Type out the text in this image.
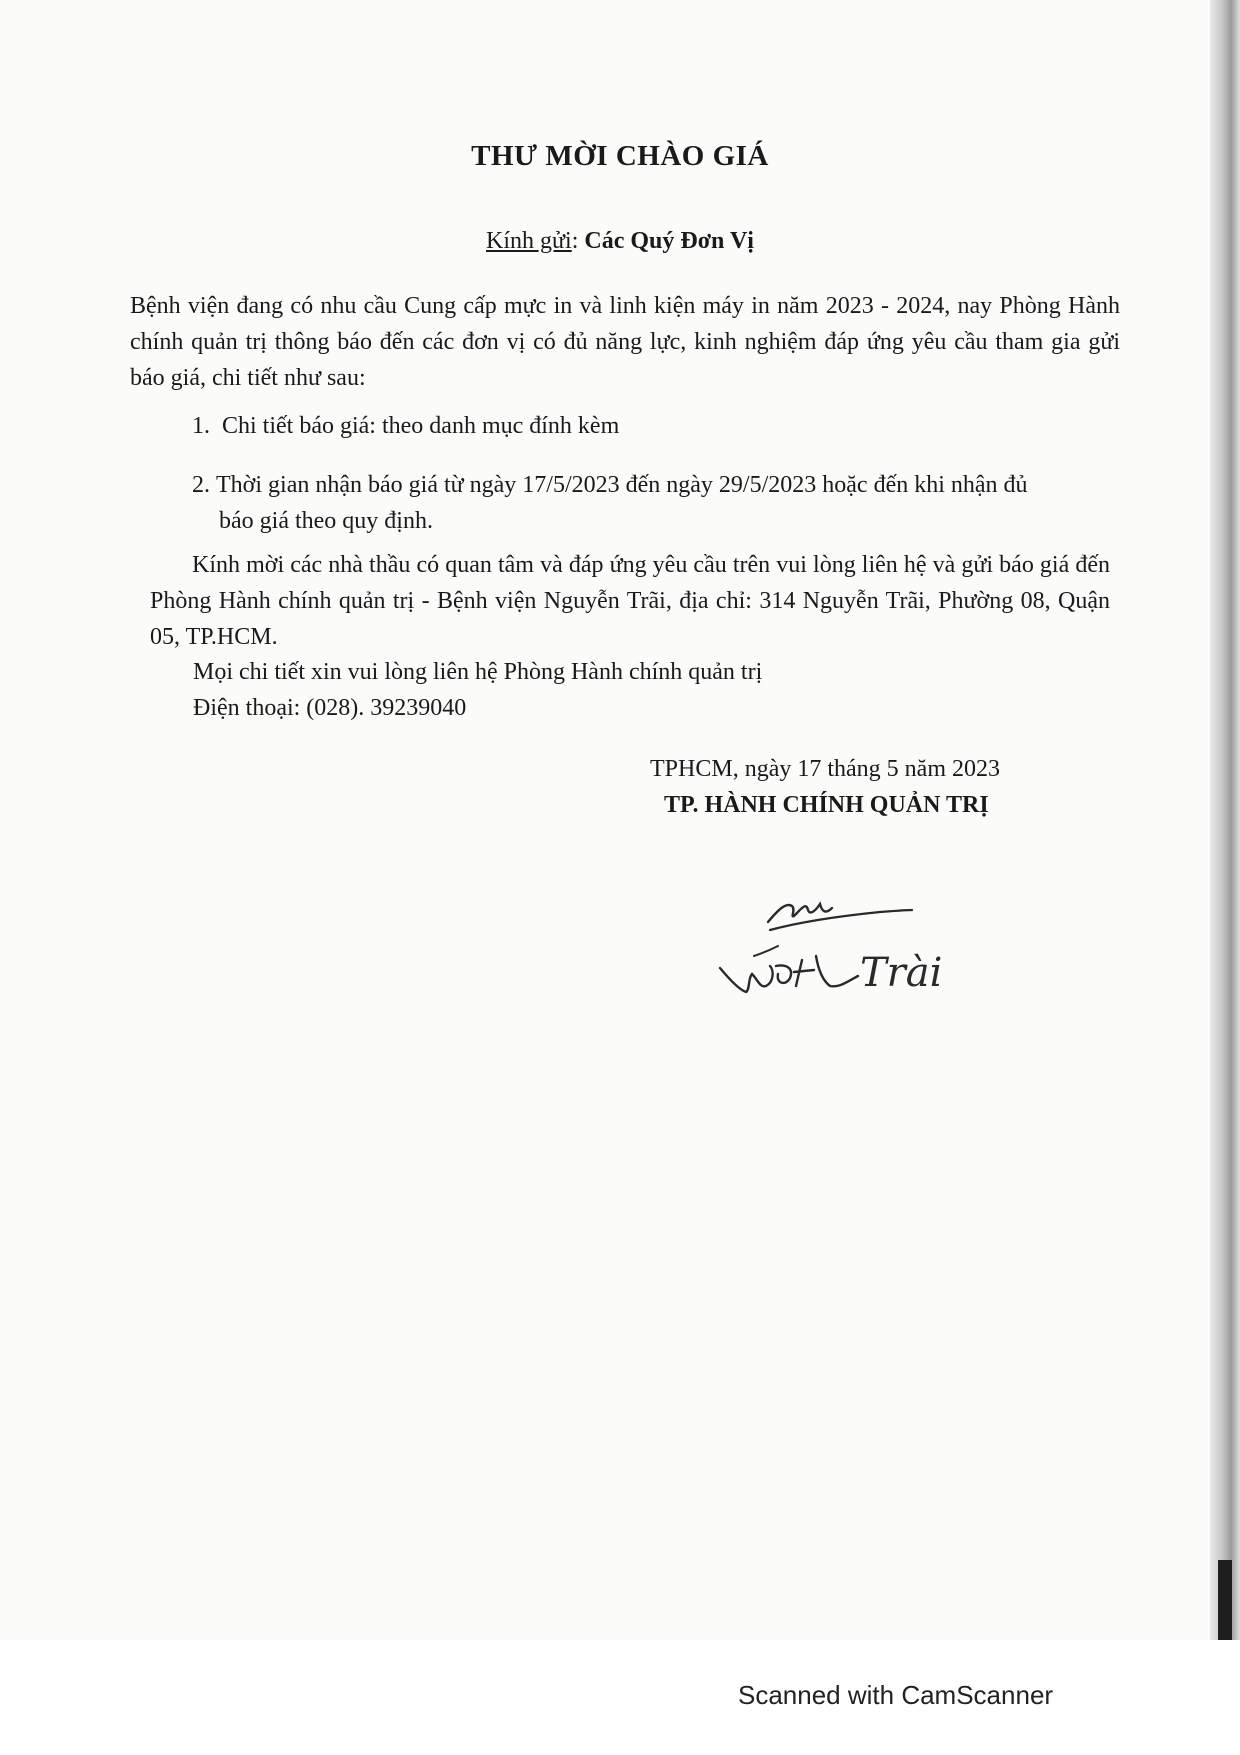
THƯ MỜI CHÀO GIÁ
Kính gửi: Các Quý Đơn Vị
Bệnh viện đang có nhu cầu Cung cấp mực in và linh kiện máy in năm 2023 - 2024, nay Phòng Hành chính quản trị thông báo đến các đơn vị có đủ năng lực, kinh nghiệm đáp ứng yêu cầu tham gia gửi báo giá, chi tiết như sau:
1. Chi tiết báo giá: theo danh mục đính kèm
2. Thời gian nhận báo giá từ ngày 17/5/2023 đến ngày 29/5/2023 hoặc đến khi nhận đủ
báo giá theo quy định.
Kính mời các nhà thầu có quan tâm và đáp ứng yêu cầu trên vui lòng liên hệ và gửi báo giá đến Phòng Hành chính quản trị - Bệnh viện Nguyễn Trãi, địa chỉ: 314 Nguyễn Trãi, Phường 08, Quận 05, TP.HCM.
Mọi chi tiết xin vui lòng liên hệ Phòng Hành chính quản trị
Điện thoại: (028). 39239040
TPHCM, ngày 17 tháng 5 năm 2023
TP. HÀNH CHÍNH QUẢN TRỊ
Trài
Scanned with CamScanner
